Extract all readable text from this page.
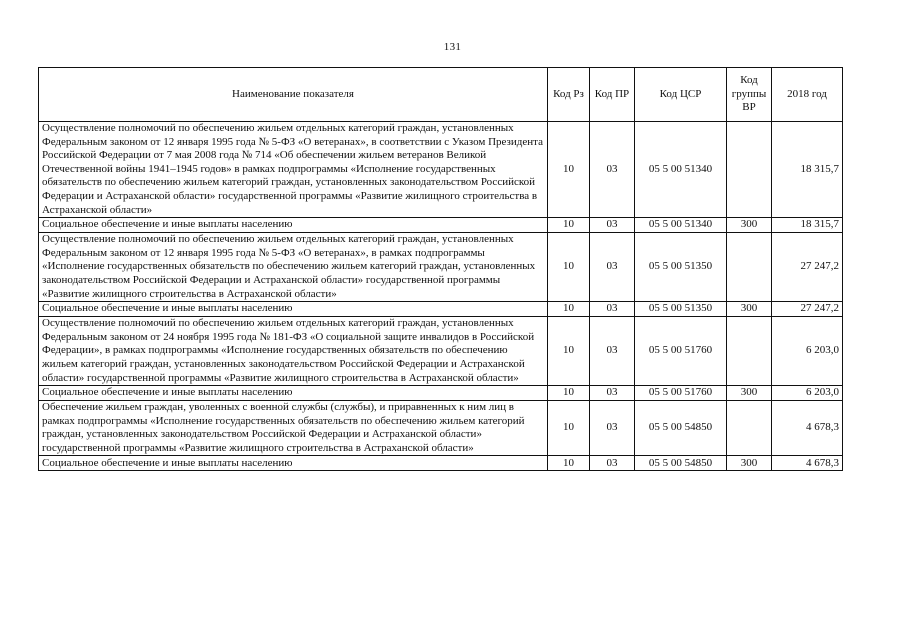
131
Наименование показателя	Код Рз	Код ПР	Код ЦСР	Код группы ВР	2018 год
Осуществление полномочий по обеспечению жильем отдельных категорий граждан, установленных Федеральным законом от 12 января 1995 года № 5-ФЗ «О ветеранах», в соответствии с Указом Президента Российской Федерации от 7 мая 2008 года № 714 «Об обеспечении жильем ветеранов Великой Отечественной войны 1941–1945 годов» в рамках подпрограммы «Исполнение государственных обязательств по обеспечению жильем категорий граждан, установленных законодательством Российской Федерации и Астраханской области» государственной программы «Развитие жилищного строительства в Астраханской области»	10	03	05 5 00 51340		18 315,7
Социальное обеспечение и иные выплаты населению	10	03	05 5 00 51340	300	18 315,7
Осуществление полномочий по обеспечению жильем отдельных категорий граждан, установленных Федеральным законом от 12 января 1995 года № 5-ФЗ «О ветеранах», в рамках подпрограммы «Исполнение государственных обязательств по обеспечению жильем категорий граждан, установленных законодательством Российской Федерации и Астраханской области» государственной программы «Развитие жилищного строительства в Астраханской области»	10	03	05 5 00 51350		27 247,2
Социальное обеспечение и иные выплаты населению	10	03	05 5 00 51350	300	27 247,2
Осуществление полномочий по обеспечению жильем отдельных категорий граждан, установленных Федеральным законом от 24 ноября 1995 года № 181-ФЗ «О социальной защите инвалидов в Российской Федерации», в рамках подпрограммы «Исполнение государственных обязательств по обеспечению жильем категорий граждан, установленных законодательством Российской Федерации и Астраханской области» государственной программы «Развитие жилищного строительства в Астраханской области»	10	03	05 5 00 51760		6 203,0
Социальное обеспечение и иные выплаты населению	10	03	05 5 00 51760	300	6 203,0
Обеспечение жильем граждан, уволенных с военной службы (службы), и приравненных к ним лиц в рамках подпрограммы «Исполнение государственных обязательств по обеспечению жильем категорий граждан, установленных законодательством Российской Федерации и Астраханской области» государственной программы «Развитие жилищного строительства в Астраханской области»	10	03	05 5 00 54850		4 678,3
Социальное обеспечение и иные выплаты населению	10	03	05 5 00 54850	300	4 678,3
